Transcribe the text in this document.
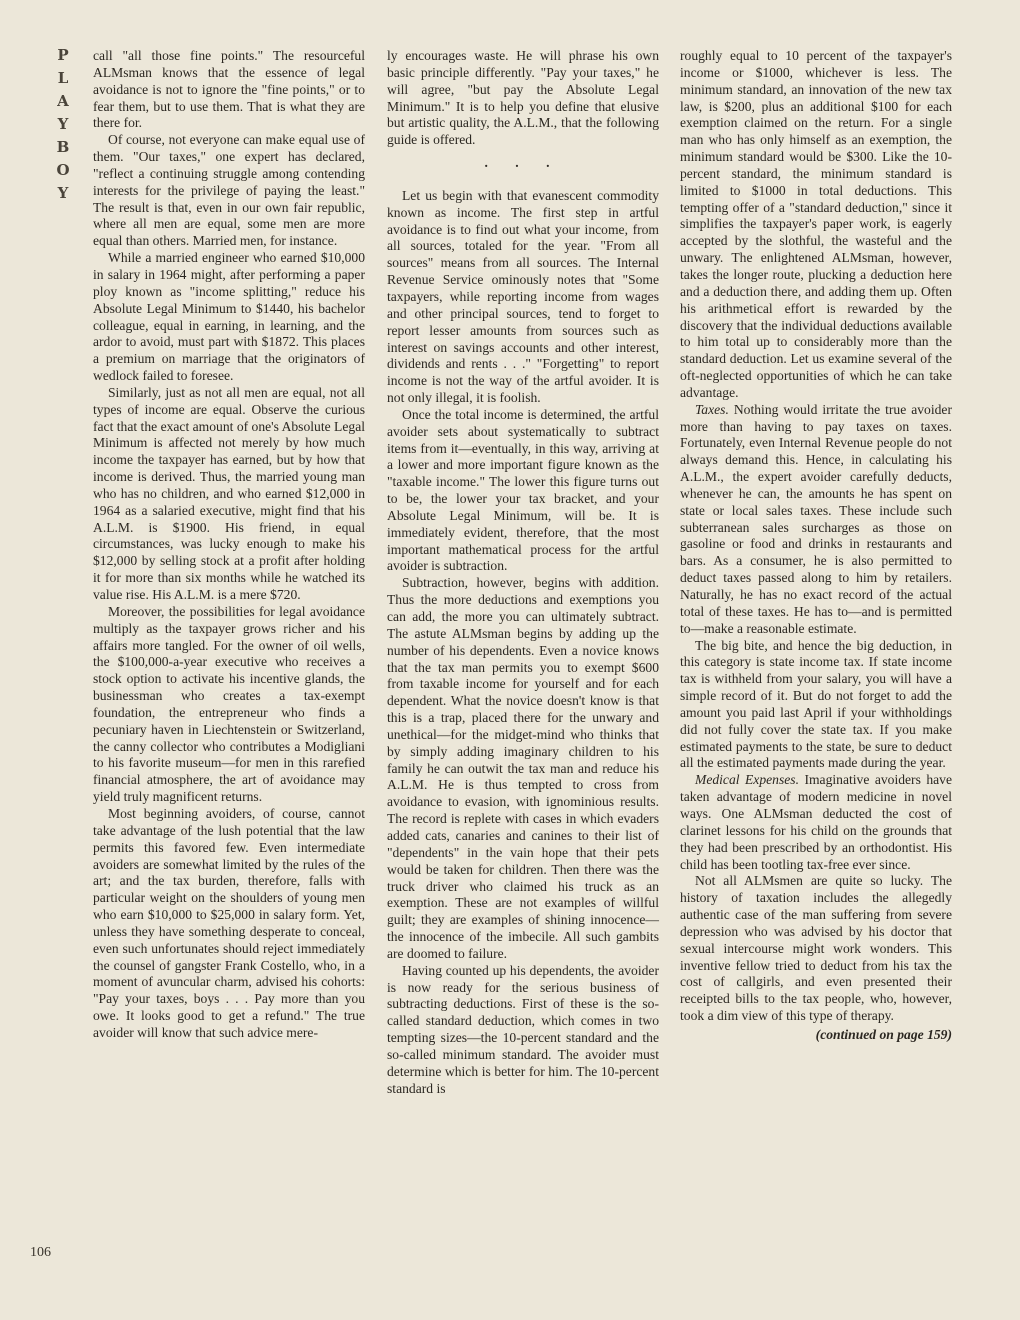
P
L
A
Y
B
O
Y
106

call "all those fine points." The resourceful ALMsman knows that the essence of legal avoidance is not to ignore the "fine points," or to fear them, but to use them. That is what they are there for.

Of course, not everyone can make equal use of them. "Our taxes," one expert has declared, "reflect a continuing struggle among contending interests for the privilege of paying the least." The result is that, even in our own fair republic, where all men are equal, some men are more equal than others. Married men, for instance.

While a married engineer who earned $10,000 in salary in 1964 might, after performing a paper ploy known as "income splitting," reduce his Absolute Legal Minimum to $1440, his bachelor colleague, equal in earning, in learning, and the ardor to avoid, must part with $1872. This places a premium on marriage that the originators of wedlock failed to foresee.

Similarly, just as not all men are equal, not all types of income are equal. Observe the curious fact that the exact amount of one's Absolute Legal Minimum is affected not merely by how much income the taxpayer has earned, but by how that income is derived. Thus, the married young man who has no children, and who earned $12,000 in 1964 as a salaried executive, might find that his A.L.M. is $1900. His friend, in equal circumstances, was lucky enough to make his $12,000 by selling stock at a profit after holding it for more than six months while he watched its value rise. His A.L.M. is a mere $720.

Moreover, the possibilities for legal avoidance multiply as the taxpayer grows richer and his affairs more tangled. For the owner of oil wells, the $100,000-a-year executive who receives a stock option to activate his incentive glands, the businessman who creates a tax-exempt foundation, the entrepreneur who finds a pecuniary haven in Liechtenstein or Switzerland, the canny collector who contributes a Modigliani to his favorite museum—for men in this rarefied financial atmosphere, the art of avoidance may yield truly magnificent returns.

Most beginning avoiders, of course, cannot take advantage of the lush potential that the law permits this favored few. Even intermediate avoiders are somewhat limited by the rules of the art; and the tax burden, therefore, falls with particular weight on the shoulders of young men who earn $10,000 to $25,000 in salary form. Yet, unless they have something desperate to conceal, even such unfortunates should reject immediately the counsel of gangster Frank Costello, who, in a moment of avuncular charm, advised his cohorts: "Pay your taxes, boys . . . Pay more than you owe. It looks good to get a refund." The true avoider will know that such advice mere-

ly encourages waste. He will phrase his own basic principle differently. "Pay your taxes," he will agree, "but pay the Absolute Legal Minimum." It is to help you define that elusive but artistic quality, the A.L.M., that the following guide is offered.

. . .

Let us begin with that evanescent commodity known as income. The first step in artful avoidance is to find out what your income, from all sources, totaled for the year. "From all sources" means from all sources. The Internal Revenue Service ominously notes that "Some taxpayers, while reporting income from wages and other principal sources, tend to forget to report lesser amounts from sources such as interest on savings accounts and other interest, dividends and rents . . ." "Forgetting" to report income is not the way of the artful avoider. It is not only illegal, it is foolish.

Once the total income is determined, the artful avoider sets about systematically to subtract items from it—eventually, in this way, arriving at a lower and more important figure known as the "taxable income." The lower this figure turns out to be, the lower your tax bracket, and your Absolute Legal Minimum, will be. It is immediately evident, therefore, that the most important mathematical process for the artful avoider is subtraction.

Subtraction, however, begins with addition. Thus the more deductions and exemptions you can add, the more you can ultimately subtract. The astute ALMsman begins by adding up the number of his dependents. Even a novice knows that the tax man permits you to exempt $600 from taxable income for yourself and for each dependent. What the novice doesn't know is that this is a trap, placed there for the unwary and unethical—for the midget-mind who thinks that by simply adding imaginary children to his family he can outwit the tax man and reduce his A.L.M. He is thus tempted to cross from avoidance to evasion, with ignominious results. The record is replete with cases in which evaders added cats, canaries and canines to their list of "dependents" in the vain hope that their pets would be taken for children. Then there was the truck driver who claimed his truck as an exemption. These are not examples of willful guilt; they are examples of shining innocence—the innocence of the imbecile. All such gambits are doomed to failure.

Having counted up his dependents, the avoider is now ready for the serious business of subtracting deductions. First of these is the so-called standard deduction, which comes in two tempting sizes—the 10-percent standard and the so-called minimum standard. The avoider must determine which is better for him. The 10-percent standard is

roughly equal to 10 percent of the taxpayer's income or $1000, whichever is less. The minimum standard, an innovation of the new tax law, is $200, plus an additional $100 for each exemption claimed on the return. For a single man who has only himself as an exemption, the minimum standard would be $300. Like the 10-percent standard, the minimum standard is limited to $1000 in total deductions. This tempting offer of a "standard deduction," since it simplifies the taxpayer's paper work, is eagerly accepted by the slothful, the wasteful and the unwary. The enlightened ALMsman, however, takes the longer route, plucking a deduction here and a deduction there, and adding them up. Often his arithmetical effort is rewarded by the discovery that the individual deductions available to him total up to considerably more than the standard deduction. Let us examine several of the oft-neglected opportunities of which he can take advantage.

Taxes. Nothing would irritate the true avoider more than having to pay taxes on taxes. Fortunately, even Internal Revenue people do not always demand this. Hence, in calculating his A.L.M., the expert avoider carefully deducts, whenever he can, the amounts he has spent on state or local sales taxes. These include such subterranean sales surcharges as those on gasoline or food and drinks in restaurants and bars. As a consumer, he is also permitted to deduct taxes passed along to him by retailers. Naturally, he has no exact record of the actual total of these taxes. He has to—and is permitted to—make a reasonable estimate.

The big bite, and hence the big deduction, in this category is state income tax. If state income tax is withheld from your salary, you will have a simple record of it. But do not forget to add the amount you paid last April if your withholdings did not fully cover the state tax. If you make estimated payments to the state, be sure to deduct all the estimated payments made during the year.

Medical Expenses. Imaginative avoiders have taken advantage of modern medicine in novel ways. One ALMsman deducted the cost of clarinet lessons for his child on the grounds that they had been prescribed by an orthodontist. His child has been tootling tax-free ever since.

Not all ALMsmen are quite so lucky. The history of taxation includes the allegedly authentic case of the man suffering from severe depression who was advised by his doctor that sexual intercourse might work wonders. This inventive fellow tried to deduct from his tax the cost of callgirls, and even presented their receipted bills to the tax people, who, however, took a dim view of this type of therapy.

(continued on page 159)
